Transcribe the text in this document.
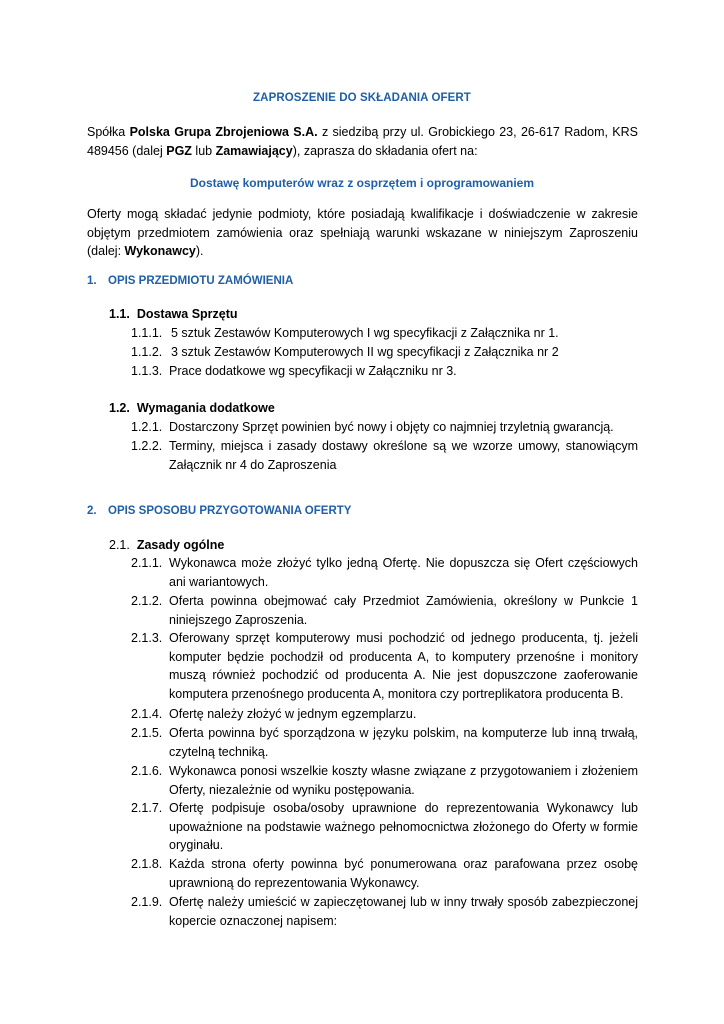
ZAPROSZENIE DO SKŁADANIA OFERT
Spółka Polska Grupa Zbrojeniowa S.A. z siedzibą przy ul. Grobickiego 23, 26-617 Radom, KRS 489456 (dalej PGZ lub Zamawiający), zaprasza do składania ofert na:
Dostawę komputerów wraz z osprzętem i oprogramowaniem
Oferty mogą składać jedynie podmioty, które posiadają kwalifikacje i doświadczenie w zakresie objętym przedmiotem zamówienia oraz spełniają warunki wskazane w niniejszym Zaproszeniu (dalej: Wykonawcy).
1. OPIS PRZEDMIOTU ZAMÓWIENIA
1.1. Dostawa Sprzętu
1.1.1. 5 sztuk Zestawów Komputerowych I wg specyfikacji z Załącznika nr 1.
1.1.2. 3 sztuk Zestawów Komputerowych II wg specyfikacji z Załącznika nr 2
1.1.3. Prace dodatkowe wg specyfikacji w Załączniku nr 3.
1.2. Wymagania dodatkowe
1.2.1. Dostarczony Sprzęt powinien być nowy i objęty co najmniej trzyletnią gwarancją.
1.2.2. Terminy, miejsca i zasady dostawy określone są we wzorze umowy, stanowiącym Załącznik nr 4 do Zaproszenia
2. OPIS SPOSOBU PRZYGOTOWANIA OFERTY
2.1. Zasady ogólne
2.1.1. Wykonawca może złożyć tylko jedną Ofertę. Nie dopuszcza się Ofert częściowych ani wariantowych.
2.1.2. Oferta powinna obejmować cały Przedmiot Zamówienia, określony w Punkcie 1 niniejszego Zaproszenia.
2.1.3. Oferowany sprzęt komputerowy musi pochodzić od jednego producenta, tj. jeżeli komputer będzie pochodził od producenta A, to komputery przenośne i monitory muszą również pochodzić od producenta A. Nie jest dopuszczone zaoferowanie komputera przenośnego producenta A, monitora czy portreplikatora producenta B.
2.1.4. Ofertę należy złożyć w jednym egzemplarzu.
2.1.5. Oferta powinna być sporządzona w języku polskim, na komputerze lub inną trwałą, czytelną techniką.
2.1.6. Wykonawca ponosi wszelkie koszty własne związane z przygotowaniem i złożeniem Oferty, niezależnie od wyniku postępowania.
2.1.7. Ofertę podpisuje osoba/osoby uprawnione do reprezentowania Wykonawcy lub upoważnione na podstawie ważnego pełnomocnictwa złożonego do Oferty w formie oryginału.
2.1.8. Każda strona oferty powinna być ponumerowana oraz parafowana przez osobę uprawnioną do reprezentowania Wykonawcy.
2.1.9. Ofertę należy umieścić w zapieczętowanej lub w inny trwały sposób zabezpieczonej kopercie oznaczonej napisem:
